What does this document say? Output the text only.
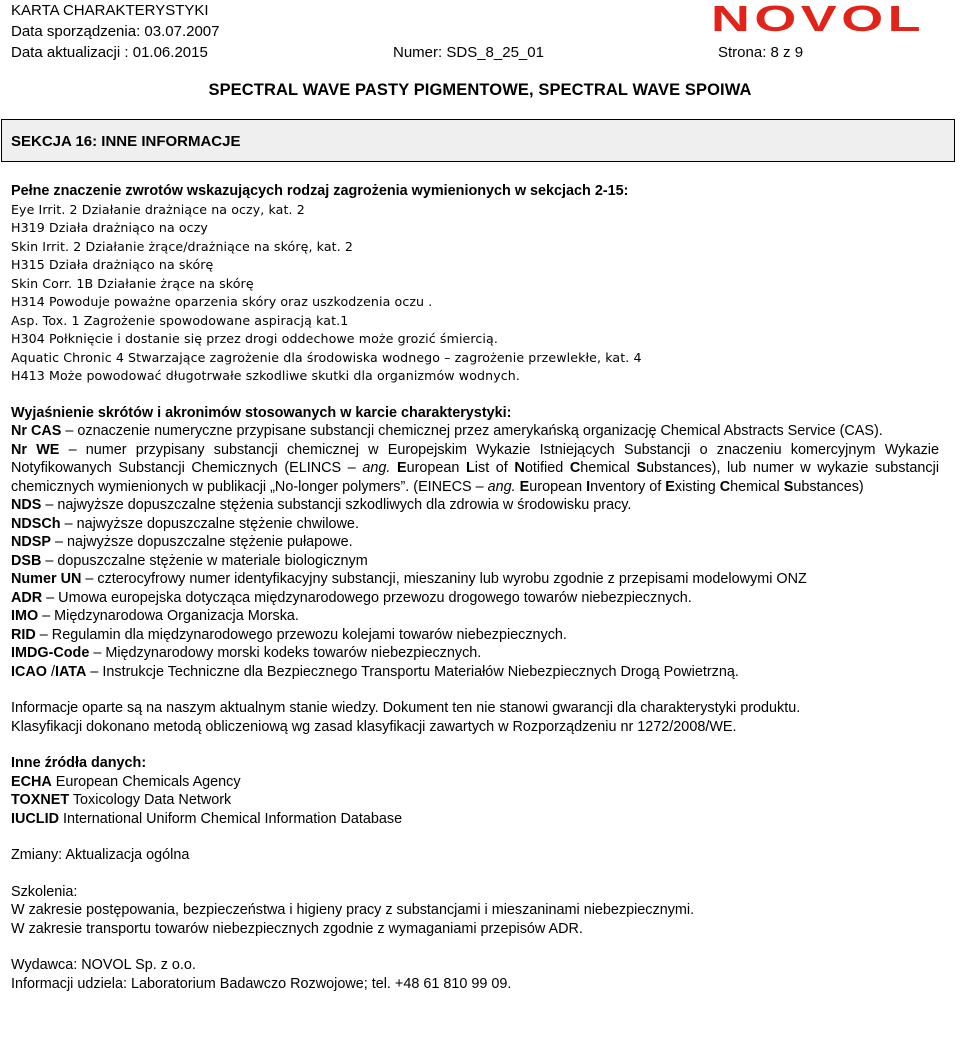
KARTA CHARAKTERYSTYKI
Data sporządzenia: 03.07.2007
Data aktualizacji : 01.06.2015	Numer: SDS_8_25_01	Strona: 8 z 9
NOVOL
SPECTRAL WAVE PASTY PIGMENTOWE, SPECTRAL WAVE SPOIWA
SEKCJA 16: INNE INFORMACJE

Pełne znaczenie zwrotów wskazujących rodzaj zagrożenia wymienionych w sekcjach 2-15:

Eye Irrit. 2 Działanie drażniące na oczy, kat. 2

H319 Działa drażniąco na oczy

Skin Irrit. 2 Działanie żrące/drażniące na skórę, kat. 2

H315 Działa drażniąco na skórę

Skin Corr. 1B Działanie żrące na skórę

H314 Powoduje poważne oparzenia skóry oraz uszkodzenia oczu .

Asp. Tox. 1 Zagrożenie spowodowane aspiracją kat.1

H304 Połknięcie i dostanie się przez drogi oddechowe może grozić śmiercią.

Aquatic Chronic 4 Stwarzające zagrożenie dla środowiska wodnego – zagrożenie przewlekłe, kat. 4

H413 Może powodować długotrwałe szkodliwe skutki dla organizmów wodnych.

Wyjaśnienie skrótów i akronimów stosowanych w karcie charakterystyki:

Nr CAS – oznaczenie numeryczne przypisane substancji chemicznej przez amerykańską organizację Chemical Abstracts Service (CAS).

Nr WE – numer przypisany substancji chemicznej w Europejskim Wykazie Istniejących Substancji o znaczeniu komercyjnym Wykazie Notyfikowanych Substancji Chemicznych (ELINCS – ang. European List of Notified Chemical Substances), lub numer w wykazie substancji chemicznych wymienionych w publikacji „No-longer polymers”. (EINECS – ang. European Inventory of Existing Chemical Substances)

NDS – najwyższe dopuszczalne stężenia substancji szkodliwych dla zdrowia w środowisku pracy.

NDSCh – najwyższe dopuszczalne stężenie chwilowe.

NDSP – najwyższe dopuszczalne stężenie pułapowe.

DSB – dopuszczalne stężenie w materiale biologicznym

Numer UN – czterocyfrowy numer identyfikacyjny substancji, mieszaniny lub wyrobu zgodnie z przepisami modelowymi ONZ

ADR – Umowa europejska dotycząca międzynarodowego przewozu drogowego towarów niebezpiecznych.

IMO – Międzynarodowa Organizacja Morska.

RID – Regulamin dla międzynarodowego przewozu kolejami towarów niebezpiecznych.

IMDG-Code – Międzynarodowy morski kodeks towarów niebezpiecznych.

ICAO /IATA – Instrukcje Techniczne dla Bezpiecznego Transportu Materiałów Niebezpiecznych Drogą Powietrzną.

Informacje oparte są na naszym aktualnym stanie wiedzy. Dokument ten nie stanowi gwarancji dla charakterystyki produktu.

Klasyfikacji dokonano metodą obliczeniową wg zasad klasyfikacji zawartych w Rozporządzeniu nr 1272/2008/WE.

Inne źródła danych:

ECHA European Chemicals Agency

TOXNET Toxicology Data Network

IUCLID International Uniform Chemical Information Database

Zmiany: Aktualizacja ogólna

Szkolenia:

W zakresie postępowania, bezpieczeństwa i higieny pracy z substancjami i mieszaninami niebezpiecznymi.

W zakresie transportu towarów niebezpiecznych zgodnie z wymaganiami przepisów ADR.

Wydawca: NOVOL Sp. z o.o.

Informacji udziela: Laboratorium Badawczo Rozwojowe; tel. +48 61 810 99 09.
